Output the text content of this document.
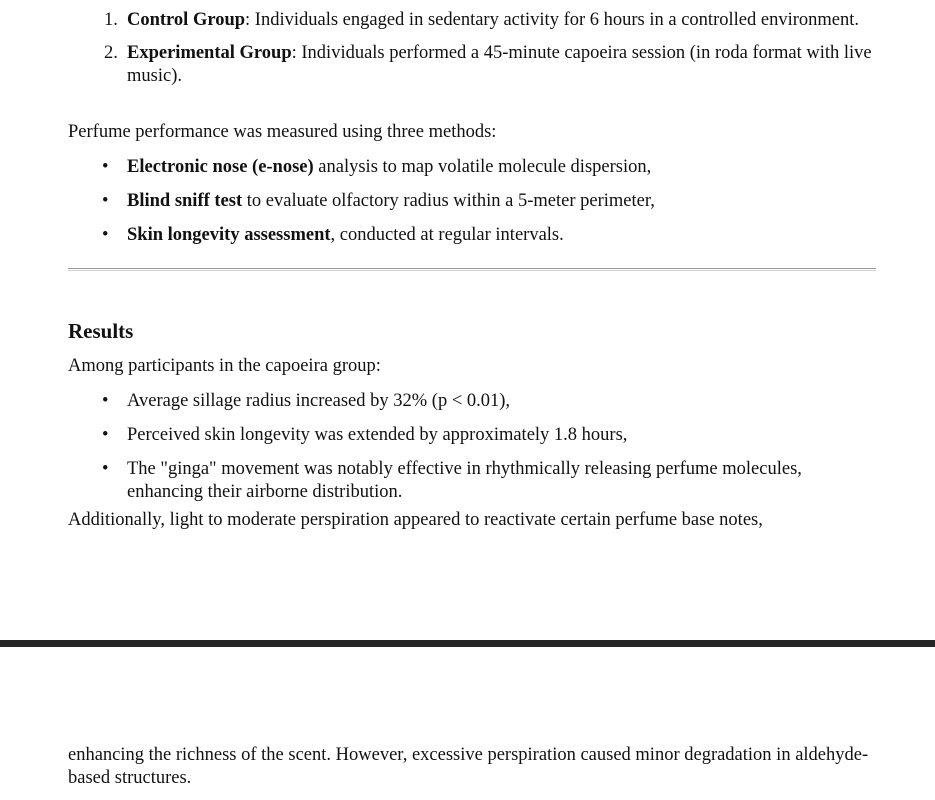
1. Control Group: Individuals engaged in sedentary activity for 6 hours in a controlled environment.
2. Experimental Group: Individuals performed a 45-minute capoeira session (in roda format with live music).

Perfume performance was measured using three methods:

• Electronic nose (e-nose) analysis to map volatile molecule dispersion,
• Blind sniff test to evaluate olfactory radius within a 5-meter perimeter,
• Skin longevity assessment, conducted at regular intervals.
Results

Among participants in the capoeira group:

• Average sillage radius increased by 32% (p < 0.01),
• Perceived skin longevity was extended by approximately 1.8 hours,
• The "ginga" movement was notably effective in rhythmically releasing perfume molecules, enhancing their airborne distribution.

Additionally, light to moderate perspiration appeared to reactivate certain perfume base notes,

enhancing the richness of the scent. However, excessive perspiration caused minor degradation in aldehyde-based structures.
